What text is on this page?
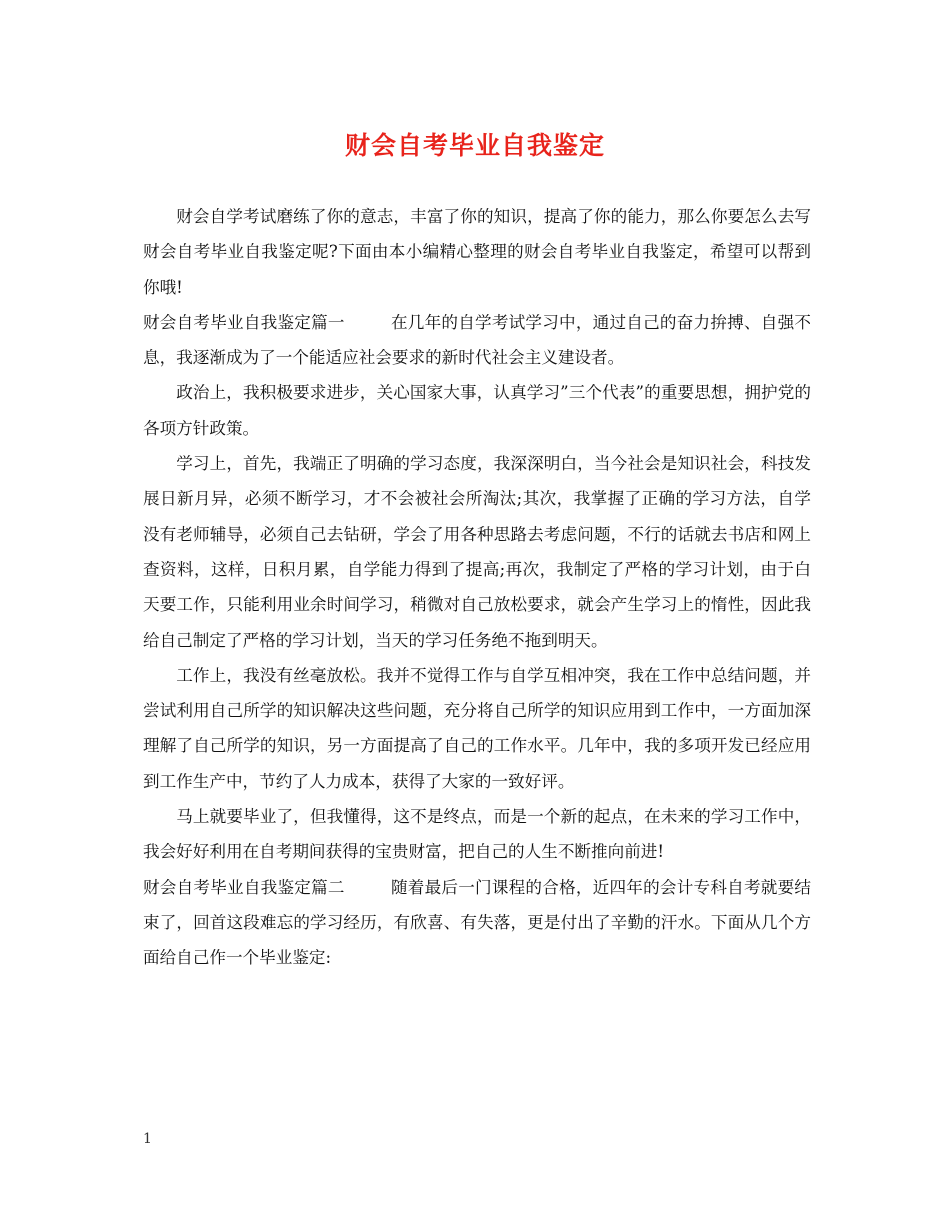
财会自考毕业自我鉴定

财会自学考试磨练了你的意志，丰富了你的知识，提高了你的能力，那么你要怎么去写财会自考毕业自我鉴定呢?下面由本小编精心整理的财会自考毕业自我鉴定，希望可以帮到你哦!

财会自考毕业自我鉴定篇一	在几年的自学考试学习中，通过自己的奋力拚搏、自强不息，我逐渐成为了一个能适应社会要求的新时代社会主义建设者。

政治上，我积极要求进步，关心国家大事，认真学习”三个代表”的重要思想，拥护党的各项方针政策。

学习上，首先，我端正了明确的学习态度，我深深明白，当今社会是知识社会，科技发展日新月异，必须不断学习，才不会被社会所淘汰;其次，我掌握了正确的学习方法，自学没有老师辅导，必须自己去钻研，学会了用各种思路去考虑问题，不行的话就去书店和网上查资料，这样，日积月累，自学能力得到了提高;再次，我制定了严格的学习计划，由于白天要工作，只能利用业余时间学习，稍微对自己放松要求，就会产生学习上的惰性，因此我给自己制定了严格的学习计划，当天的学习任务绝不拖到明天。

工作上，我没有丝毫放松。我并不觉得工作与自学互相冲突，我在工作中总结问题，并尝试利用自己所学的知识解决这些问题，充分将自己所学的知识应用到工作中，一方面加深理解了自己所学的知识，另一方面提高了自己的工作水平。几年中，我的多项开发已经应用到工作生产中，节约了人力成本，获得了大家的一致好评。

马上就要毕业了，但我懂得，这不是终点，而是一个新的起点，在未来的学习工作中，我会好好利用在自考期间获得的宝贵财富，把自己的人生不断推向前进!

财会自考毕业自我鉴定篇二	随着最后一门课程的合格，近四年的会计专科自考就要结束了，回首这段难忘的学习经历，有欣喜、有失落，更是付出了辛勤的汗水。下面从几个方面给自己作一个毕业鉴定:

1
